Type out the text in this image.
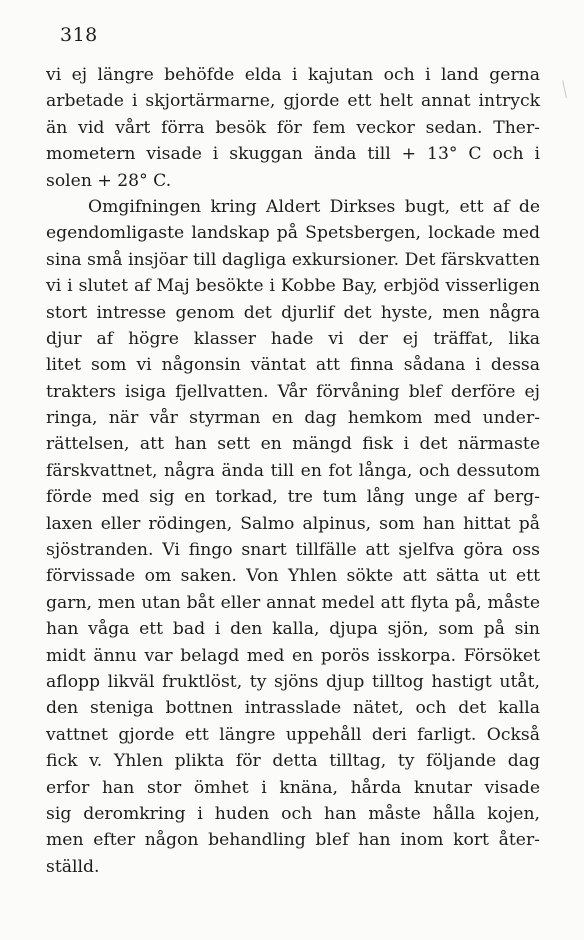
318
vi ej längre behöfde elda i kajutan och i land gerna
arbetade i skjortärmarne, gjorde ett helt annat intryck
än vid vårt förra besök för fem veckor sedan. Ther-
mometern visade i skuggan ända till + 13° C och i
solen + 28° C.
Omgifningen kring Aldert Dirkses bugt, ett af de
egendomligaste landskap på Spetsbergen, lockade med
sina små insjöar till dagliga exkursioner. Det färskvatten
vi i slutet af Maj besökte i Kobbe Bay, erbjöd visserligen
stort intresse genom det djurlif det hyste, men några
djur af högre klasser hade vi der ej träffat, lika
litet som vi någonsin väntat att finna sådana i dessa
trakters isiga fjellvatten. Vår förvåning blef derföre ej
ringa, när vår styrman en dag hemkom med under-
rättelsen, att han sett en mängd fisk i det närmaste
färskvattnet, några ända till en fot långa, och dessutom
förde med sig en torkad, tre tum lång unge af berg-
laxen eller rödingen, Salmo alpinus, som han hittat på
sjöstranden. Vi fingo snart tillfälle att sjelfva göra oss
förvissade om saken. Von Yhlen sökte att sätta ut ett
garn, men utan båt eller annat medel att flyta på, måste
han våga ett bad i den kalla, djupa sjön, som på sin
midt ännu var belagd med en porös isskorpa. Försöket
aflopp likväl fruktlöst, ty sjöns djup tilltog hastigt utåt,
den steniga bottnen intrasslade nätet, och det kalla
vattnet gjorde ett längre uppehåll deri farligt. Också
fick v. Yhlen plikta för detta tilltag, ty följande dag
erfor han stor ömhet i knäna, hårda knutar visade
sig deromkring i huden och han måste hålla kojen,
men efter någon behandling blef han inom kort åter-
ställd.
